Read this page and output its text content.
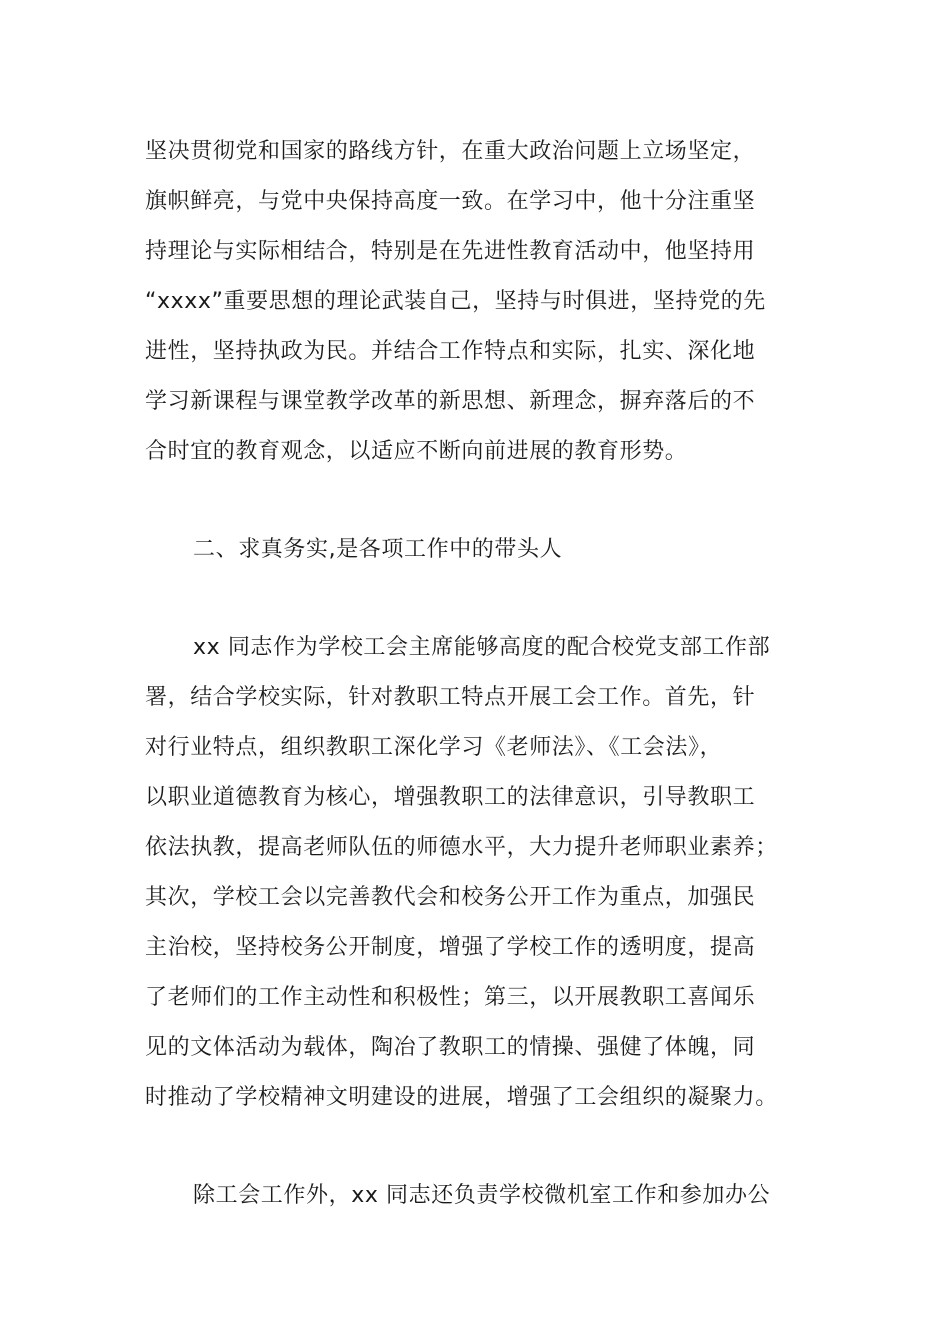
坚决贯彻党和国家的路线方针，在重大政治问题上立场坚定，
旗帜鲜亮，与党中央保持高度一致。在学习中，他十分注重坚
持理论与实际相结合，特别是在先进性教育活动中，他坚持用
“xxxx”重要思想的理论武装自己，坚持与时俱进，坚持党的先
进性，坚持执政为民。并结合工作特点和实际，扎实、深化地
学习新课程与课堂教学改革的新思想、新理念，摒弃落后的不
合时宜的教育观念，以适应不断向前进展的教育形势。
二、求真务实,是各项工作中的带头人
xx 同志作为学校工会主席能够高度的配合校党支部工作部
署，结合学校实际，针对教职工特点开展工会工作。首先，针
对行业特点，组织教职工深化学习《老师法》、《工会法》，
以职业道德教育为核心，增强教职工的法律意识，引导教职工
依法执教，提高老师队伍的师德水平，大力提升老师职业素养；
其次，学校工会以完善教代会和校务公开工作为重点，加强民
主治校，坚持校务公开制度，增强了学校工作的透明度，提高
了老师们的工作主动性和积极性；第三，以开展教职工喜闻乐
见的文体活动为载体，陶冶了教职工的情操、强健了体魄，同
时推动了学校精神文明建设的进展，增强了工会组织的凝聚力。
除工会工作外，xx 同志还负责学校微机室工作和参加办公
